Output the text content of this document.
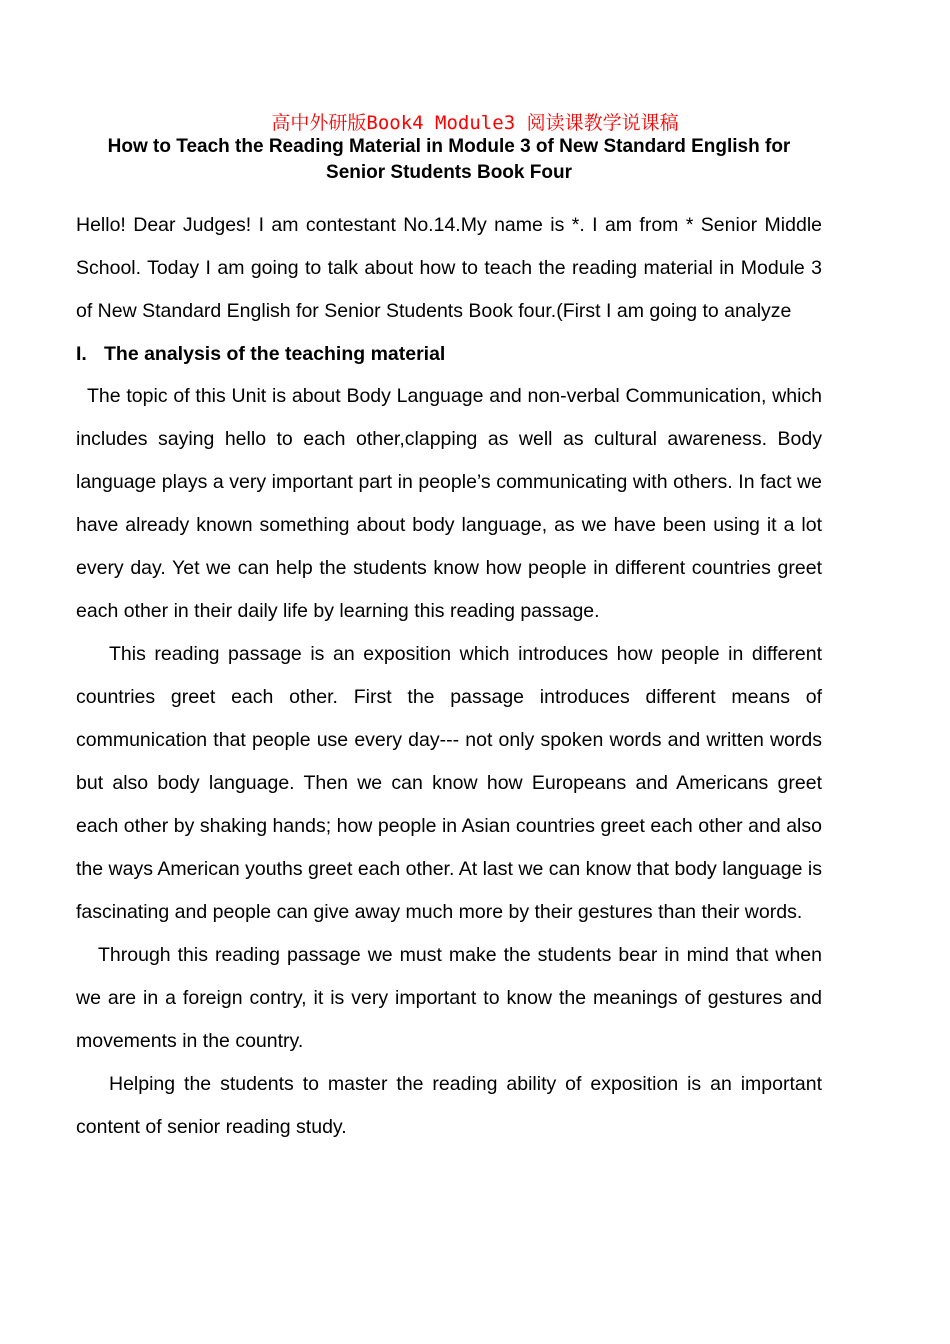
高中外研版Book4 Module3 阅读课教学说课稿
How to Teach the Reading Material in Module 3 of New Standard English for Senior Students Book Four

Hello! Dear Judges! I am contestant No.14.My name is *. I am from * Senior Middle School. Today I am going to talk about how to teach the reading material in Module 3 of New Standard English for Senior Students Book four.(First I am going to analyze

I. The analysis of the teaching material

The topic of this Unit is about Body Language and non-verbal Communication, which includes saying hello to each other,clapping as well as cultural awareness. Body language plays a very important part in people’s communicating with others. In fact we have already known something about body language, as we have been using it a lot every day. Yet we can help the students know how people in different countries greet each other in their daily life by learning this reading passage.

This reading passage is an exposition which introduces how people in different countries greet each other. First the passage introduces different means of communication that people use every day--- not only spoken words and written words but also body language. Then we can know how Europeans and Americans greet each other by shaking hands; how people in Asian countries greet each other and also the ways American youths greet each other. At last we can know that body language is fascinating and people can give away much more by their gestures than their words.

Through this reading passage we must make the students bear in mind that when we are in a foreign contry, it is very important to know the meanings of gestures and movements in the country.

Helping the students to master the reading ability of exposition is an important content of senior reading study.
